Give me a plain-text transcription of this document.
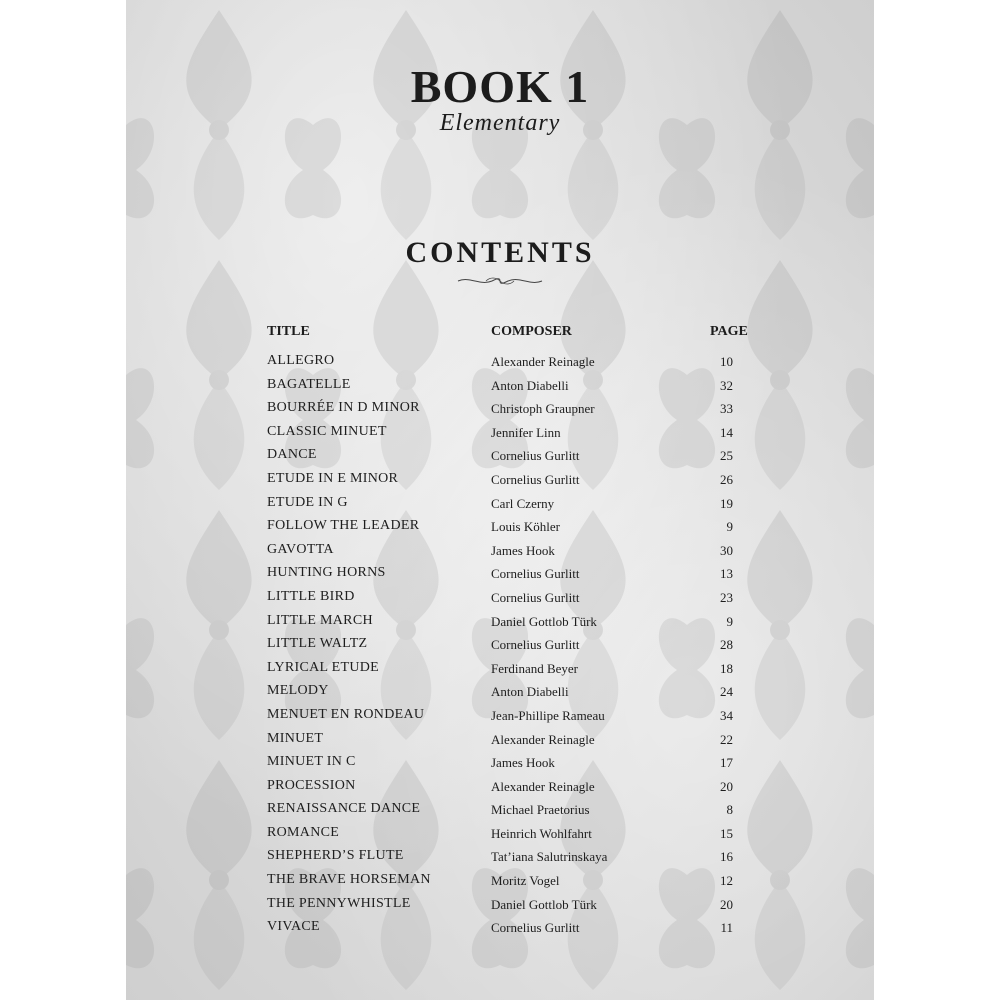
BOOK 1
Elementary
CONTENTS
TITLE	COMPOSER	PAGE
ALLEGRO	Alexander Reinagle	10
BAGATELLE	Anton Diabelli	32
BOURRÉE IN D MINOR	Christoph Graupner	33
CLASSIC MINUET	Jennifer Linn	14
DANCE	Cornelius Gurlitt	25
ETUDE IN E MINOR	Cornelius Gurlitt	26
ETUDE IN G	Carl Czerny	19
FOLLOW THE LEADER	Louis Köhler	9
GAVOTTA	James Hook	30
HUNTING HORNS	Cornelius Gurlitt	13
LITTLE BIRD	Cornelius Gurlitt	23
LITTLE MARCH	Daniel Gottlob Türk	9
LITTLE WALTZ	Cornelius Gurlitt	28
LYRICAL ETUDE	Ferdinand Beyer	18
MELODY	Anton Diabelli	24
MENUET EN RONDEAU	Jean-Phillipe Rameau	34
MINUET	Alexander Reinagle	22
MINUET IN C	James Hook	17
PROCESSION	Alexander Reinagle	20
RENAISSANCE DANCE	Michael Praetorius	8
ROMANCE	Heinrich Wohlfahrt	15
SHEPHERD’S FLUTE	Tat’iana Salutrinskaya	16
THE BRAVE HORSEMAN	Moritz Vogel	12
THE PENNYWHISTLE	Daniel Gottlob Türk	20
VIVACE	Cornelius Gurlitt	11
